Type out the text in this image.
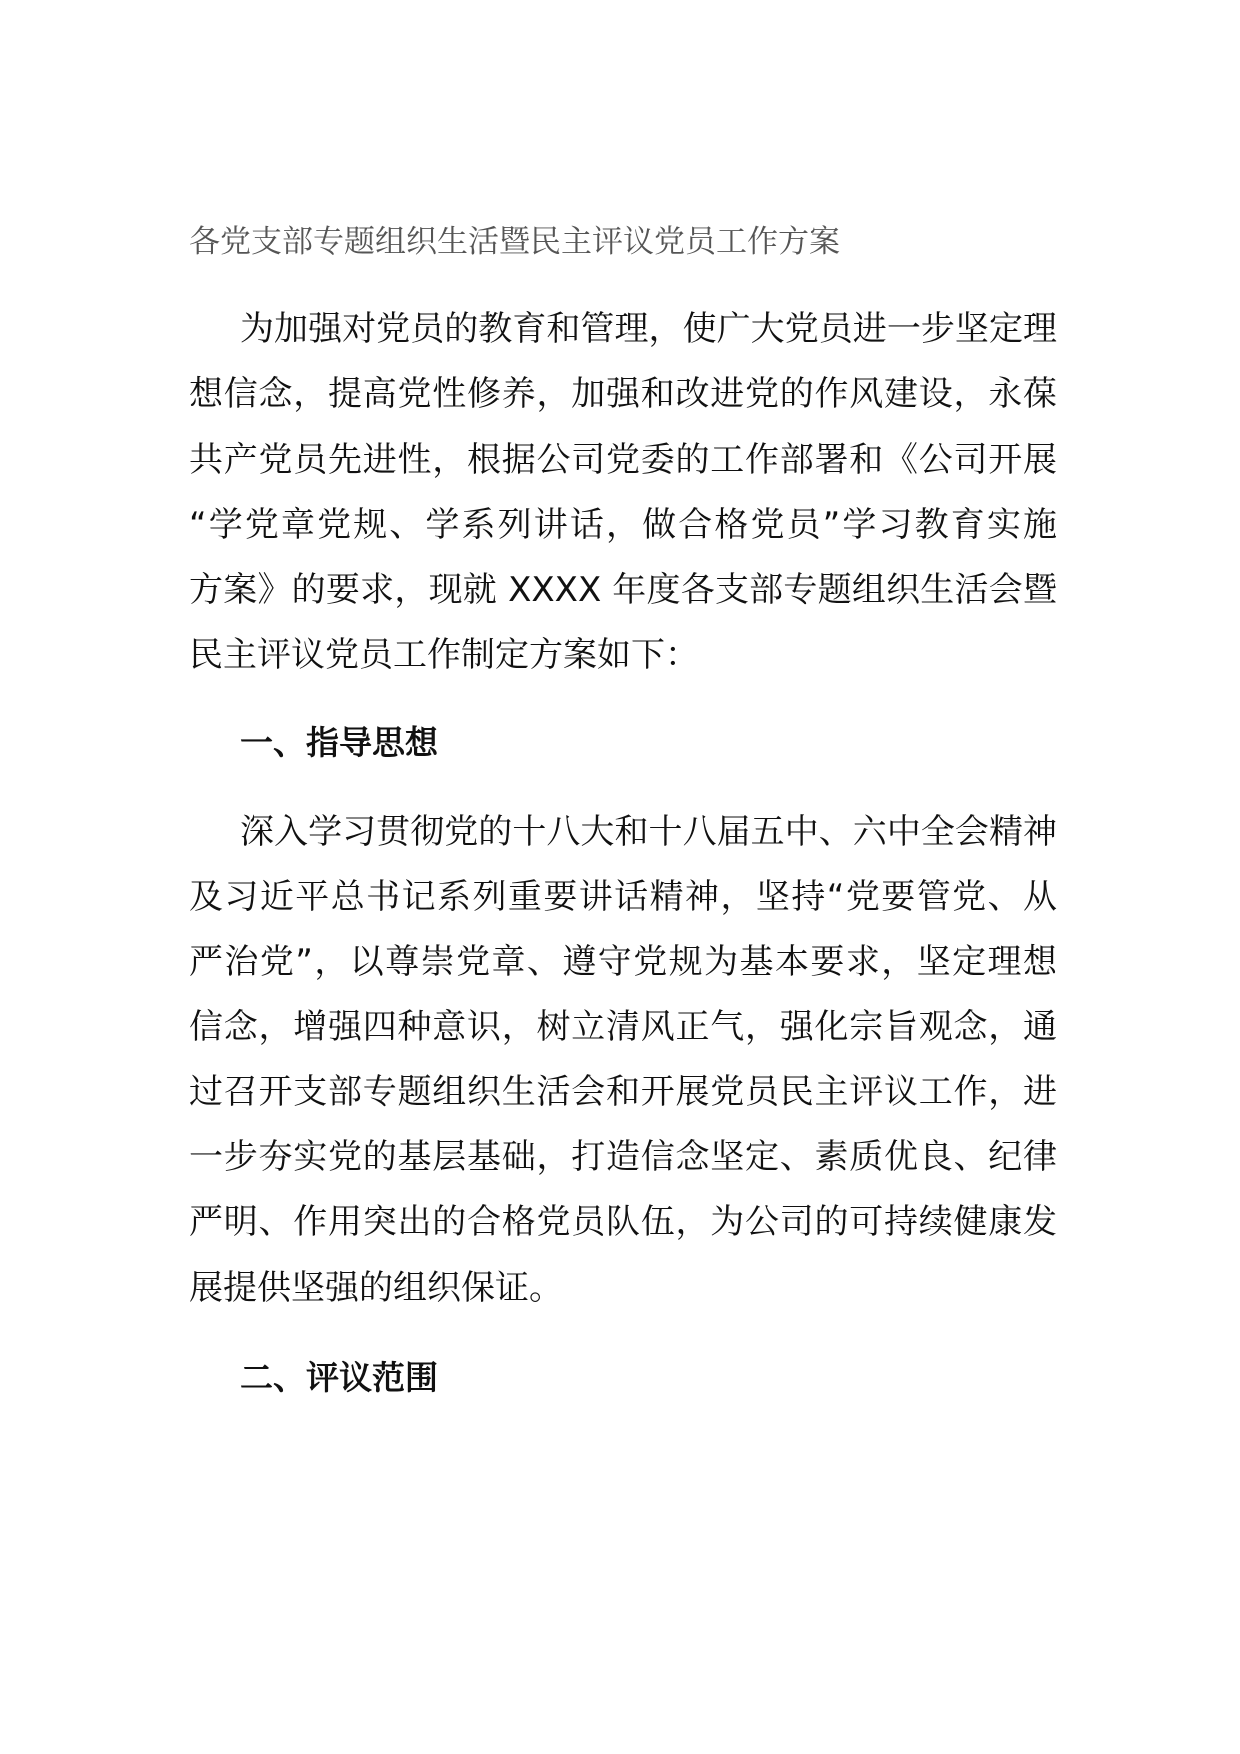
各党支部专题组织生活暨民主评议党员工作方案
为加强对党员的教育和管理，使广大党员进一步坚定理
想信念，提高党性修养，加强和改进党的作风建设，永葆
共产党员先进性，根据公司党委的工作部署和《公司开展
“学党章党规、学系列讲话，做合格党员”学习教育实施
方案》的要求，现就 XXXX 年度各支部专题组织生活会暨
民主评议党员工作制定方案如下：
一、指导思想
深入学习贯彻党的十八大和十八届五中、六中全会精神
及习近平总书记系列重要讲话精神，坚持“党要管党、从
严治党”，以尊崇党章、遵守党规为基本要求，坚定理想
信念，增强四种意识，树立清风正气，强化宗旨观念，通
过召开支部专题组织生活会和开展党员民主评议工作，进
一步夯实党的基层基础，打造信念坚定、素质优良、纪律
严明、作用突出的合格党员队伍，为公司的可持续健康发
展提供坚强的组织保证。
二、评议范围
